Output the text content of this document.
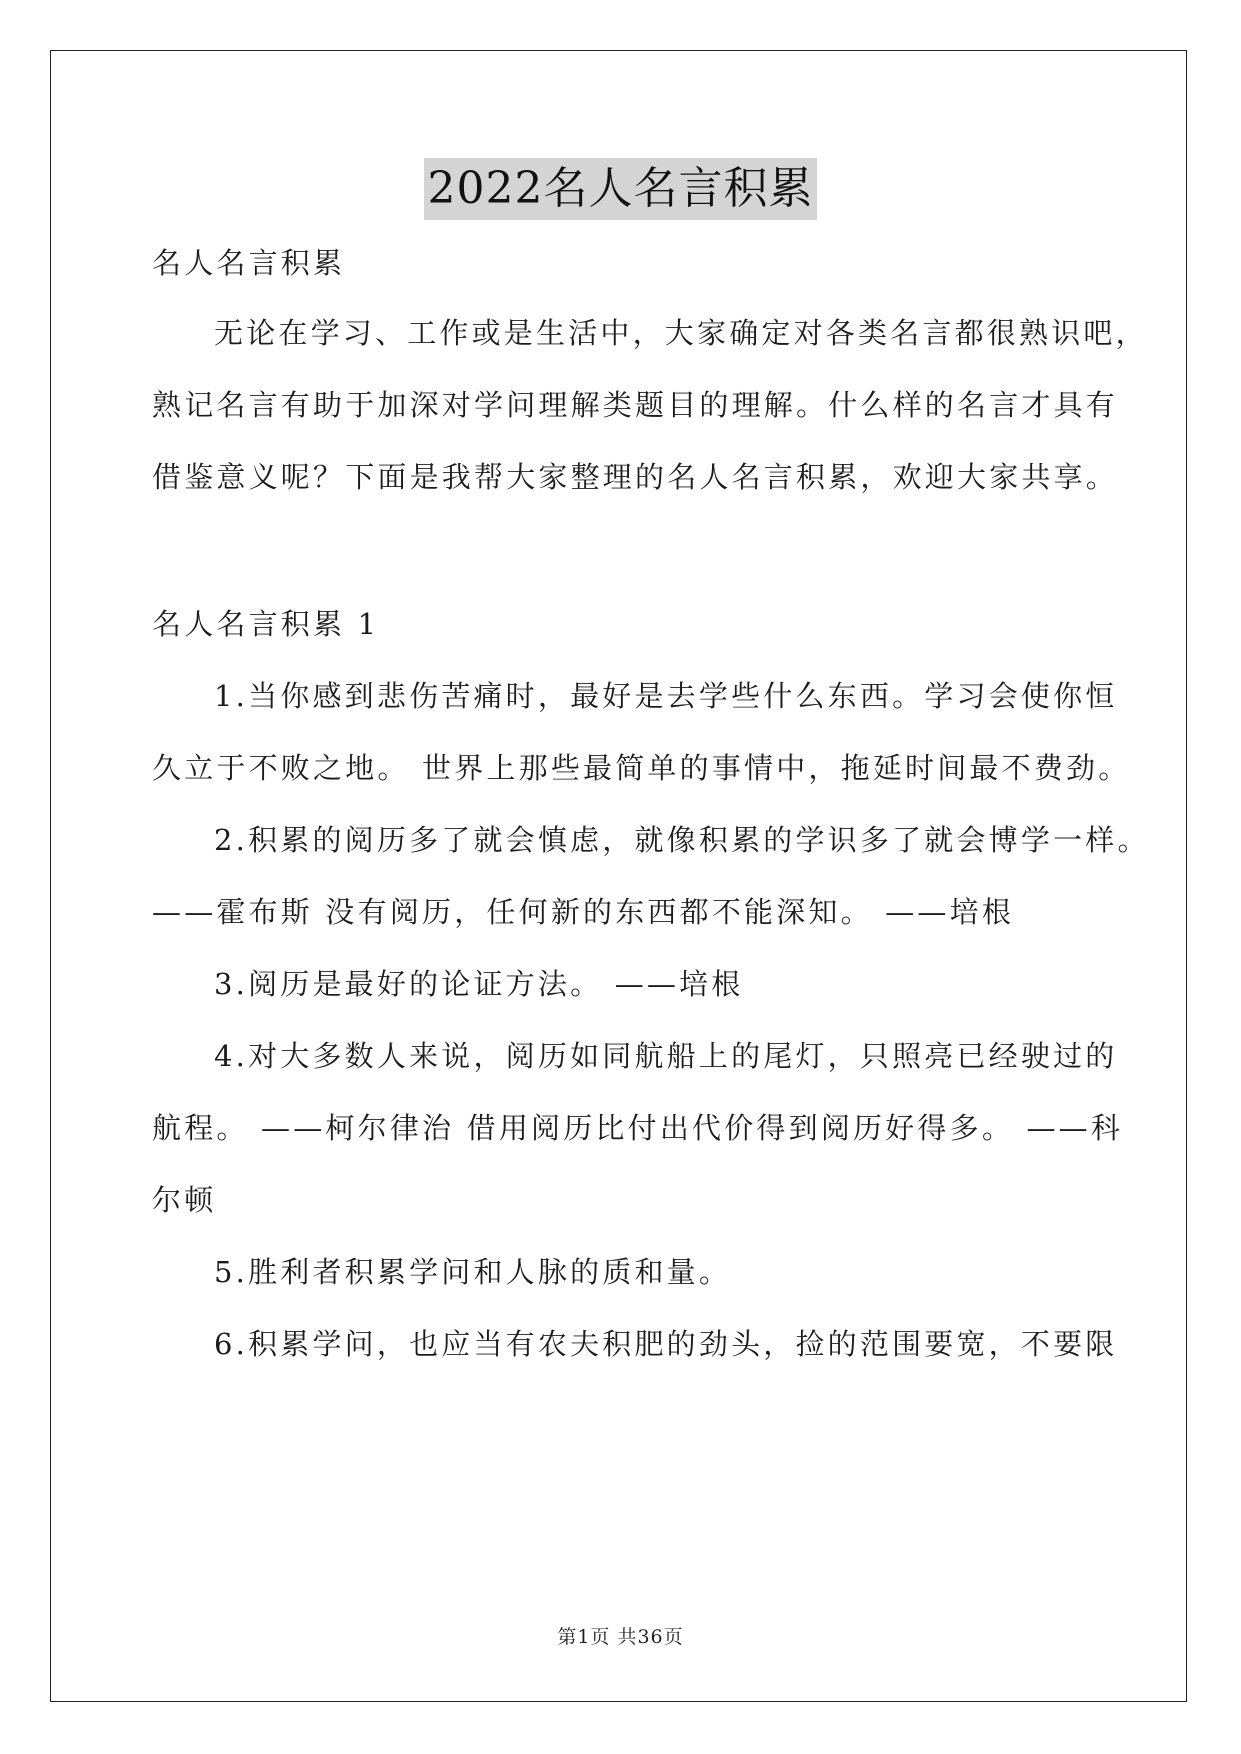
2022名人名言积累
名人名言积累
无论在学习、工作或是生活中，大家确定对各类名言都很熟识吧，
熟记名言有助于加深对学问理解类题目的理解。什么样的名言才具有
借鉴意义呢？下面是我帮大家整理的名人名言积累，欢迎大家共享。
名人名言积累 1
1.当你感到悲伤苦痛时，最好是去学些什么东西。学习会使你恒
久立于不败之地。 世界上那些最简单的事情中，拖延时间最不费劲。
2.积累的阅历多了就会慎虑，就像积累的学识多了就会博学一样。
——霍布斯 没有阅历，任何新的东西都不能深知。 ——培根
3.阅历是最好的论证方法。 ——培根
4.对大多数人来说，阅历如同航船上的尾灯，只照亮已经驶过的
航程。 ——柯尔律治 借用阅历比付出代价得到阅历好得多。 ——科
尔顿
5.胜利者积累学问和人脉的质和量。
6.积累学问，也应当有农夫积肥的劲头，捡的范围要宽，不要限
第1页 共36页
